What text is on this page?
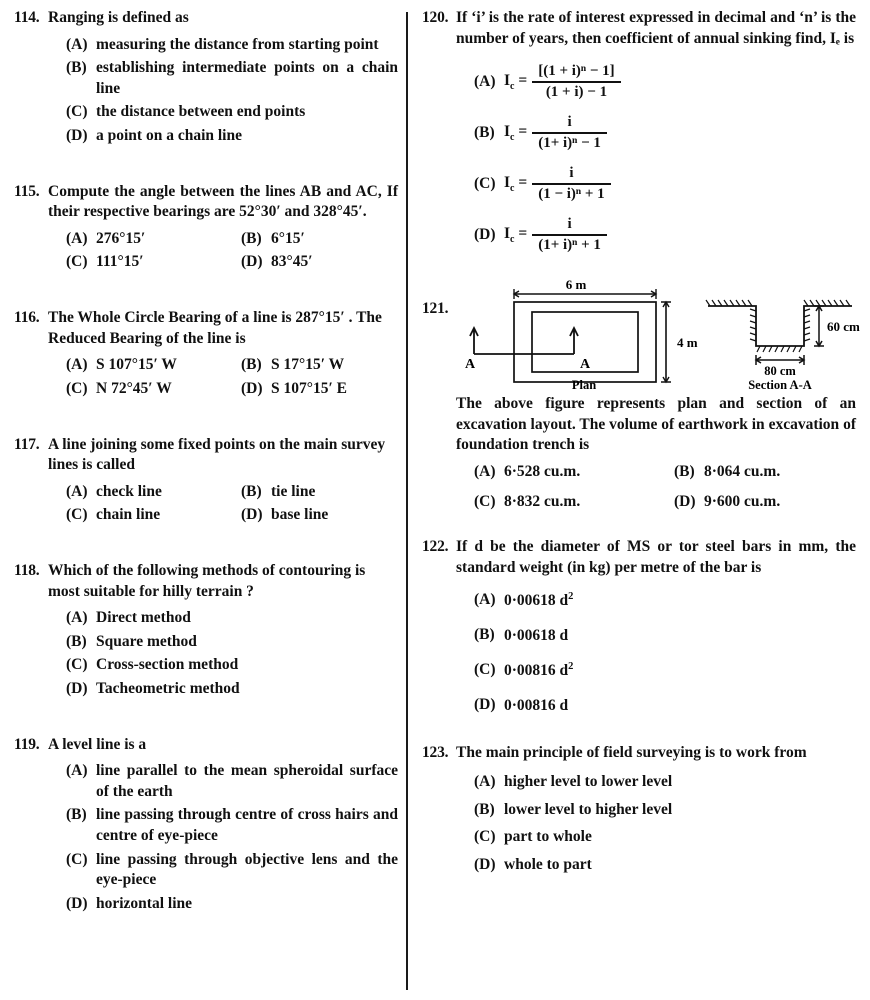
114. Ranging is defined as

(A) measuring the distance from starting point
(B) establishing intermediate points on a chain line
(C) the distance between end points
(D) a point on a chain line
115. Compute the angle between the lines AB and AC, If their respective bearings are 52°30′ and 328°45′.

(A) 276°15′	(B) 6°15′
(C) 111°15′	(D) 83°45′
116. The Whole Circle Bearing of a line is 287°15′ . The Reduced Bearing of the line is

(A) S 107°15′ W	(B) S 17°15′ W
(C) N 72°45′ W	(D) S 107°15′ E
117. A line joining some fixed points on the main survey lines is called

(A) check line	(B) tie line
(C) chain line	(D) base line
118. Which of the following methods of contouring is most suitable for hilly terrain ?

(A) Direct method
(B) Square method
(C) Cross-section method
(D) Tacheometric method
119. A level line is a

(A) line parallel to the mean spheroidal surface of the earth
(B) line passing through centre of cross hairs and centre of eye-piece
(C) line passing through objective lens and the eye-piece
(D) horizontal line
120. If ‘i’ is the rate of interest expressed in decimal and ‘n’ is the number of years, then coefficient of annual sinking find, Iₑ is

(A) $I_c = \frac{\text{[(1 + i)ⁿ − 1]}}{(1 + i) - 1}$
(B) $I_c = \frac{i}{\text{(1+ i)ⁿ − 1}}$
(C) $I_c = \frac{i}{\text{(1 − i)ⁿ + 1}}$
(D) $I_c = \frac{i}{\text{(1+ i)ⁿ + 1}}$
121.
6 m
4 m
A	A
Plan
60 cm
80 cm
Section A-A

The above figure represents plan and section of an excavation layout. The volume of earthwork in excavation of foundation trench is

(A) 6·528 cu.m.	(B) 8·064 cu.m.
(C) 8·832 cu.m.	(D) 9·600 cu.m.
122. If d be the diameter of MS or tor steel bars in mm, the standard weight (in kg) per metre of the bar is

(A) 0·00618 $d^2$
(B) 0·00618 d
(C) 0·00816 $d^2$
(D) 0·00816 d
123. The main principle of field surveying is to work from

(A) higher level to lower level
(B) lower level to higher level
(C) part to whole
(D) whole to part
